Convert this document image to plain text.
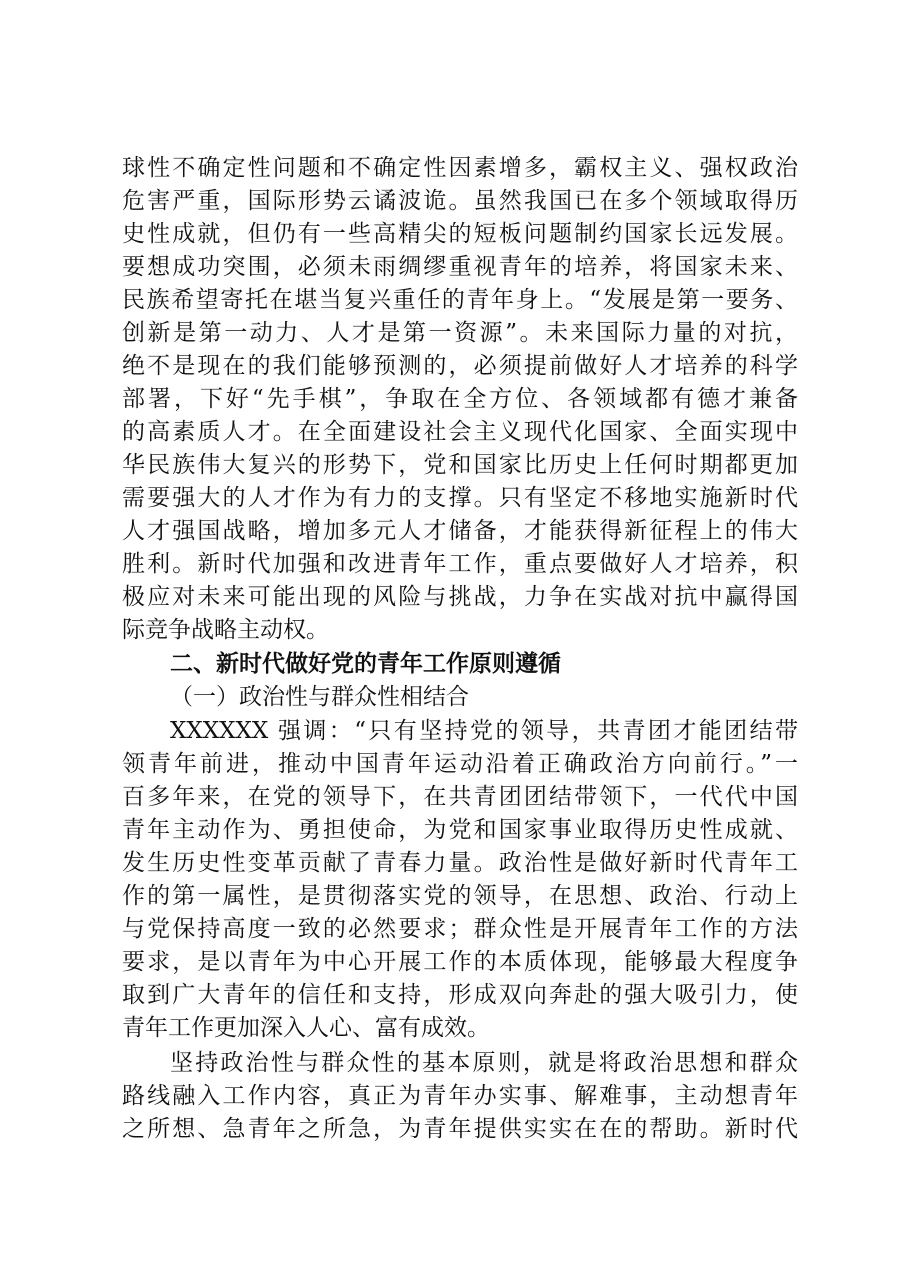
球性不确定性问题和不确定性因素增多，霸权主义、强权政治
危害严重，国际形势云谲波诡。虽然我国已在多个领域取得历
史性成就，但仍有一些高精尖的短板问题制约国家长远发展。
要想成功突围，必须未雨绸缪重视青年的培养，将国家未来、
民族希望寄托在堪当复兴重任的青年身上。“发展是第一要务、
创新是第一动力、人才是第一资源”。未来国际力量的对抗，
绝不是现在的我们能够预测的，必须提前做好人才培养的科学
部署，下好“先手棋”，争取在全方位、各领域都有德才兼备
的高素质人才。在全面建设社会主义现代化国家、全面实现中
华民族伟大复兴的形势下，党和国家比历史上任何时期都更加
需要强大的人才作为有力的支撑。只有坚定不移地实施新时代
人才强国战略，增加多元人才储备，才能获得新征程上的伟大
胜利。新时代加强和改进青年工作，重点要做好人才培养，积
极应对未来可能出现的风险与挑战，力争在实战对抗中赢得国
际竞争战略主动权。
二、新时代做好党的青年工作原则遵循
（一）政治性与群众性相结合
XXXXXX 强调：“只有坚持党的领导，共青团才能团结带
领青年前进，推动中国青年运动沿着正确政治方向前行。”一
百多年来，在党的领导下，在共青团团结带领下，一代代中国
青年主动作为、勇担使命，为党和国家事业取得历史性成就、
发生历史性变革贡献了青春力量。政治性是做好新时代青年工
作的第一属性，是贯彻落实党的领导，在思想、政治、行动上
与党保持高度一致的必然要求；群众性是开展青年工作的方法
要求，是以青年为中心开展工作的本质体现，能够最大程度争
取到广大青年的信任和支持，形成双向奔赴的强大吸引力，使
青年工作更加深入人心、富有成效。
坚持政治性与群众性的基本原则，就是将政治思想和群众
路线融入工作内容，真正为青年办实事、解难事，主动想青年
之所想、急青年之所急，为青年提供实实在在的帮助。新时代
